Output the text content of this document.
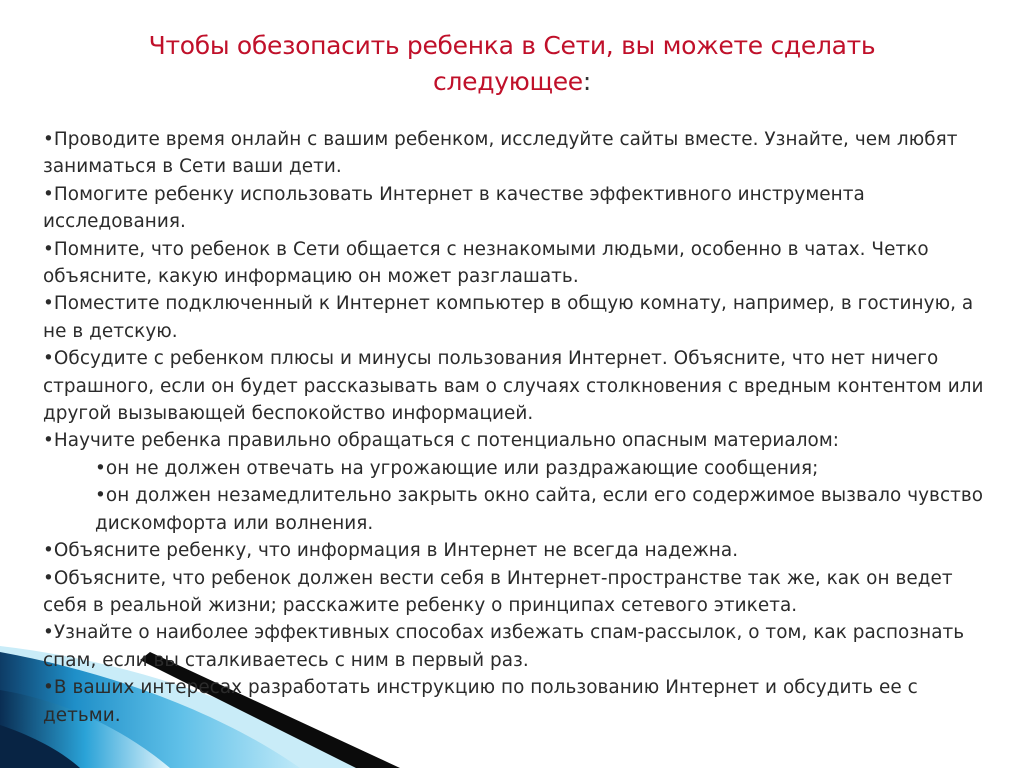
Чтобы обезопасить ребенка в Сети, вы можете сделать следующее:
•Проводите время онлайн с вашим ребенком, исследуйте сайты вместе. Узнайте, чем любят заниматься в Сети ваши дети.
•Помогите ребенку использовать Интернет в качестве эффективного инструмента исследования.
•Помните, что ребенок в Сети общается с незнакомыми людьми, особенно в чатах. Четко объясните, какую информацию он может разглашать.
•Поместите подключенный к Интернет компьютер в общую комнату, например, в гостиную, а не в детскую.
•Обсудите с ребенком плюсы и минусы пользования Интернет. Объясните, что нет ничего страшного, если он будет рассказывать вам о случаях столкновения с вредным контентом или другой вызывающей беспокойство информацией.
•Научите ребенка правильно обращаться с потенциально опасным материалом:
•он не должен отвечать на угрожающие или раздражающие сообщения;
•он должен незамедлительно закрыть окно сайта, если его содержимое вызвало чувство дискомфорта или волнения.
•Объясните ребенку, что информация в Интернет не всегда надежна.
•Объясните, что ребенок должен вести себя в Интернет-пространстве так же, как он ведет себя в реальной жизни; расскажите ребенку о принципах сетевого этикета.
•Узнайте о наиболее эффективных способах избежать спам-рассылок, о том, как распознать спам, если вы сталкиваетесь с ним в первый раз.
•В ваших интересах разработать инструкцию по пользованию Интернет и обсудить ее с детьми.
